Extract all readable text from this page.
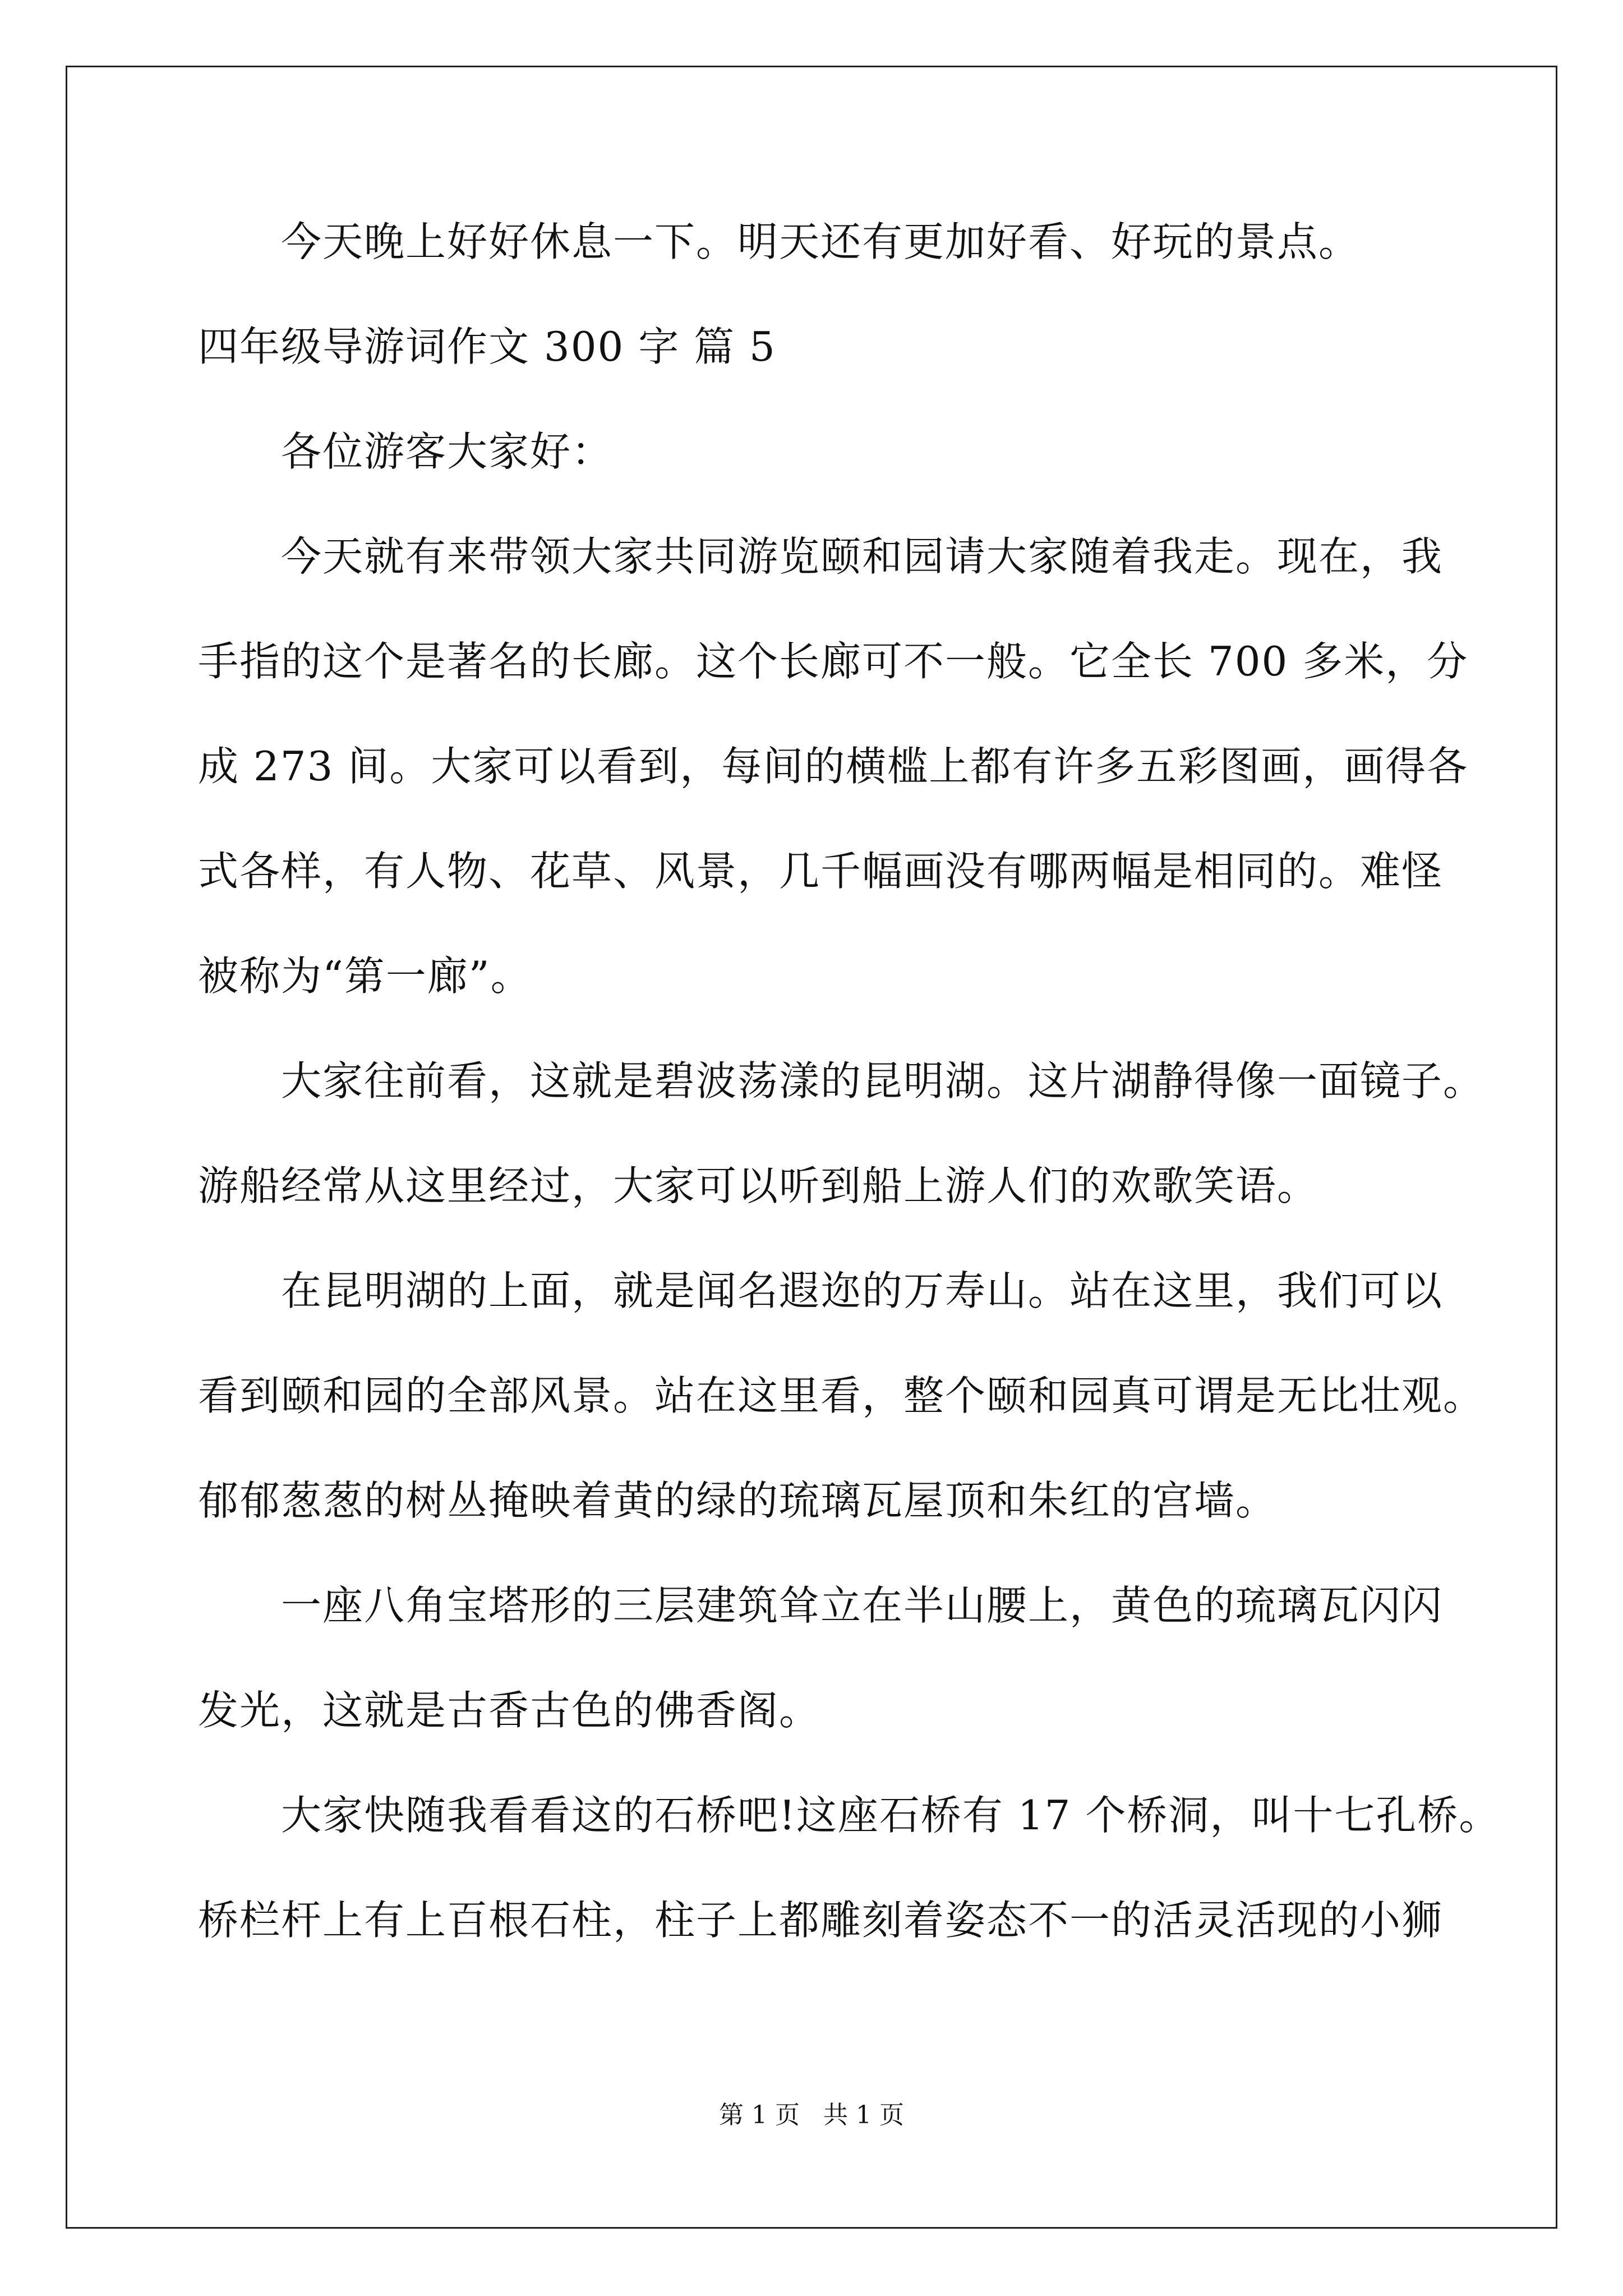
今天晚上好好休息一下。明天还有更加好看、好玩的景点。
四年级导游词作文 300 字 篇 5
各位游客大家好：
今天就有来带领大家共同游览颐和园请大家随着我走。现在，我
手指的这个是著名的长廊。这个长廊可不一般。它全长 700 多米，分
成 273 间。大家可以看到，每间的横槛上都有许多五彩图画，画得各
式各样，有人物、花草、风景，几千幅画没有哪两幅是相同的。难怪
被称为“第一廊”。
大家往前看，这就是碧波荡漾的昆明湖。这片湖静得像一面镜子。
游船经常从这里经过，大家可以听到船上游人们的欢歌笑语。
在昆明湖的上面，就是闻名遐迩的万寿山。站在这里，我们可以
看到颐和园的全部风景。站在这里看，整个颐和园真可谓是无比壮观。
郁郁葱葱的树丛掩映着黄的绿的琉璃瓦屋顶和朱红的宫墙。
一座八角宝塔形的三层建筑耸立在半山腰上，黄色的琉璃瓦闪闪
发光，这就是古香古色的佛香阁。
大家快随我看看这的石桥吧!这座石桥有 17 个桥洞，叫十七孔桥。
桥栏杆上有上百根石柱，柱子上都雕刻着姿态不一的活灵活现的小狮
第 1 页   共 1 页
